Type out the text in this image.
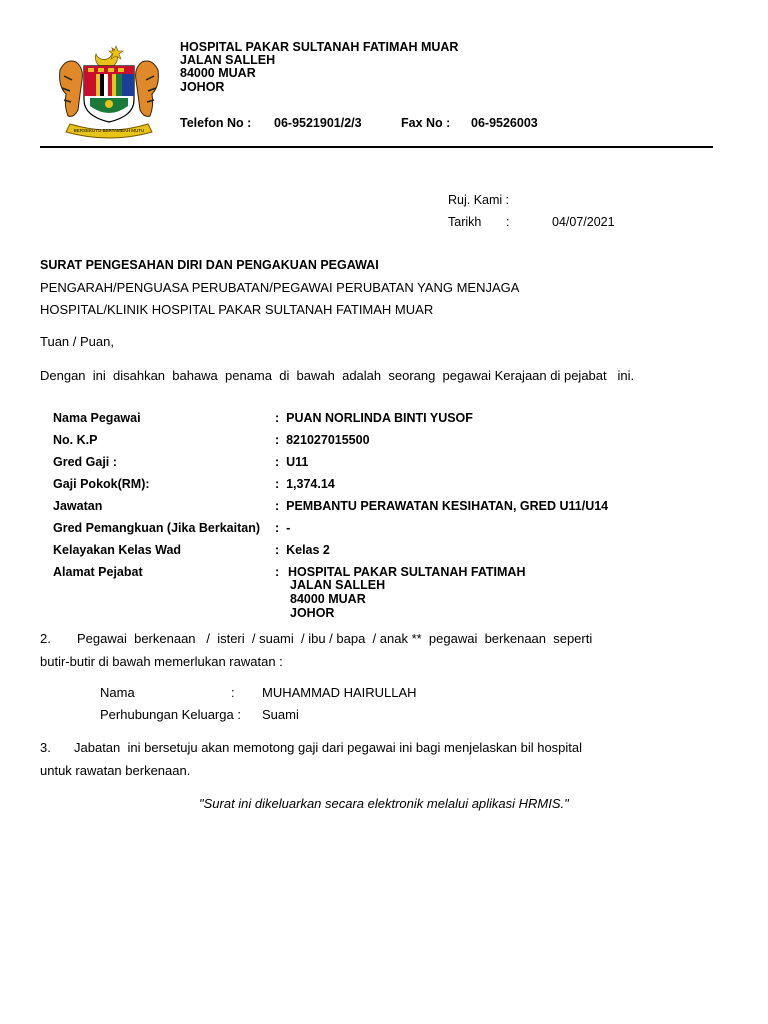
BERSEKUTU BERTAMBAH MUTU
HOSPITAL PAKAR SULTANAH FATIMAH MUAR
JALAN SALLEH
84000 MUAR
JOHOR
Telefon No : 06-9521901/2/3	Fax No : 06-9526003
Ruj. Kami :
Tarikh :	04/07/2021
SURAT PENGESAHAN DIRI DAN PENGAKUAN PEGAWAI
PENGARAH/PENGUASA PERUBATAN/PEGAWAI PERUBATAN YANG MENJAGA
HOSPITAL/KLINIK HOSPITAL PAKAR SULTANAH FATIMAH MUAR
Tuan / Puan,
Dengan  ini  disahkan  bahawa  penama  di  bawah  adalah  seorang  pegawai Kerajaan di pejabat   ini.
Nama Pegawai	:  PUAN NORLINDA BINTI YUSOF
No. K.P	:  821027015500
Gred Gaji :	:  U11
Gaji Pokok(RM):	:  1,374.14
Jawatan	:  PEMBANTU PERAWATAN KESIHATAN, GRED U11/U14
Gred Pemangkuan (Jika Berkaitan) :  -
Kelayakan Kelas Wad	:  Kelas 2
Alamat Pejabat	: HOSPITAL PAKAR SULTANAH FATIMAH
JALAN SALLEH
84000 MUAR
JOHOR
2. Pegawai  berkenaan   /  isteri  / suami  / ibu / bapa  / anak **  pegawai  berkenaan  seperti
butir-butir di bawah memerlukan rawatan :
Nama	: MUHAMMAD HAIRULLAH
Perhubungan Keluarga : Suami
3. Jabatan  ini bersetuju akan memotong gaji dari pegawai ini bagi menjelaskan bil hospital
untuk rawatan berkenaan.
"Surat ini dikeluarkan secara elektronik melalui aplikasi HRMIS."
